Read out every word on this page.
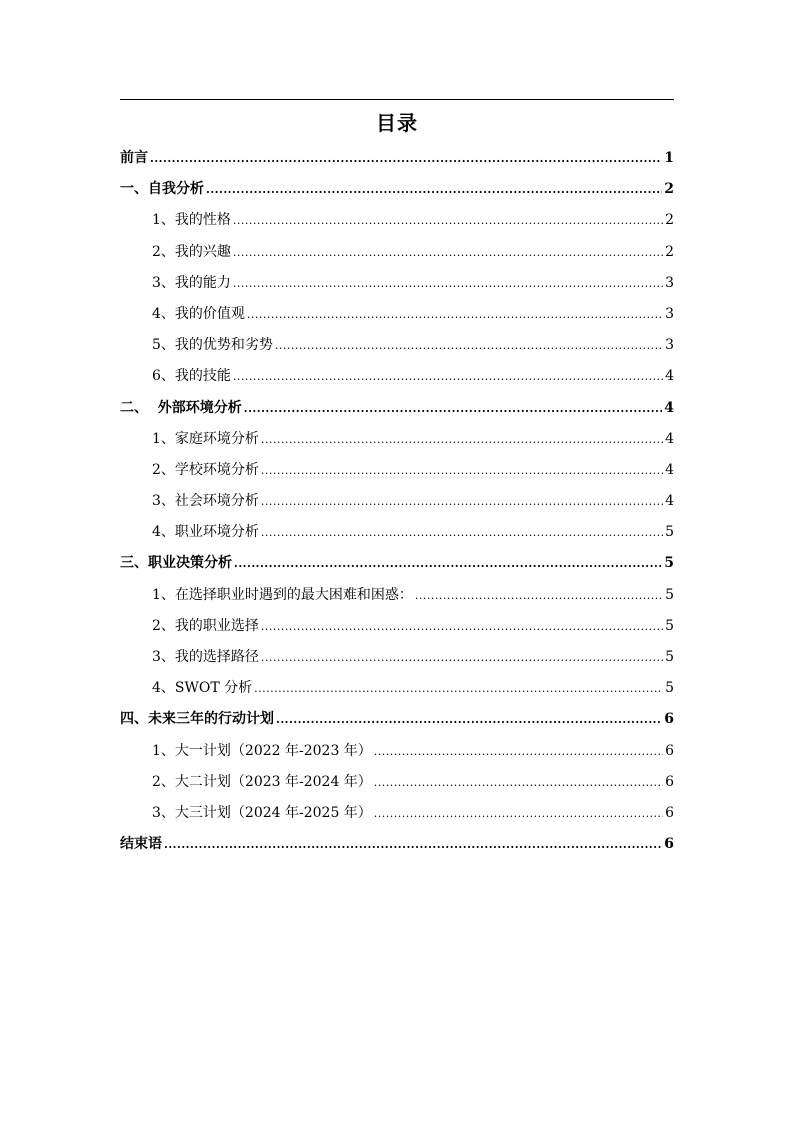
目录
前言 .....	1
一、自我分析 .....	2
1、我的性格 .....	2
2、我的兴趣 .....	2
3、我的能力 .....	3
4、我的价值观 .....	3
5、我的优势和劣势 .....	3
6、我的技能 .....	4
二、  外部环境分析 .....	4
1、家庭环境分析 .....	4
2、学校环境分析 .....	4
3、社会环境分析 .....	4
4、职业环境分析 .....	5
三、职业决策分析 .....	5
1、在选择职业时遇到的最大困难和困惑： .....	5
2、我的职业选择 .....	5
3、我的选择路径 .....	5
4、SWOT 分析 .....	5
四、未来三年的行动计划 .....	6
1、大一计划（2022 年-2023 年） .....	6
2、大二计划（2023 年-2024 年） .....	6
3、大三计划（2024 年-2025 年） .....	6
结束语 .....	6
